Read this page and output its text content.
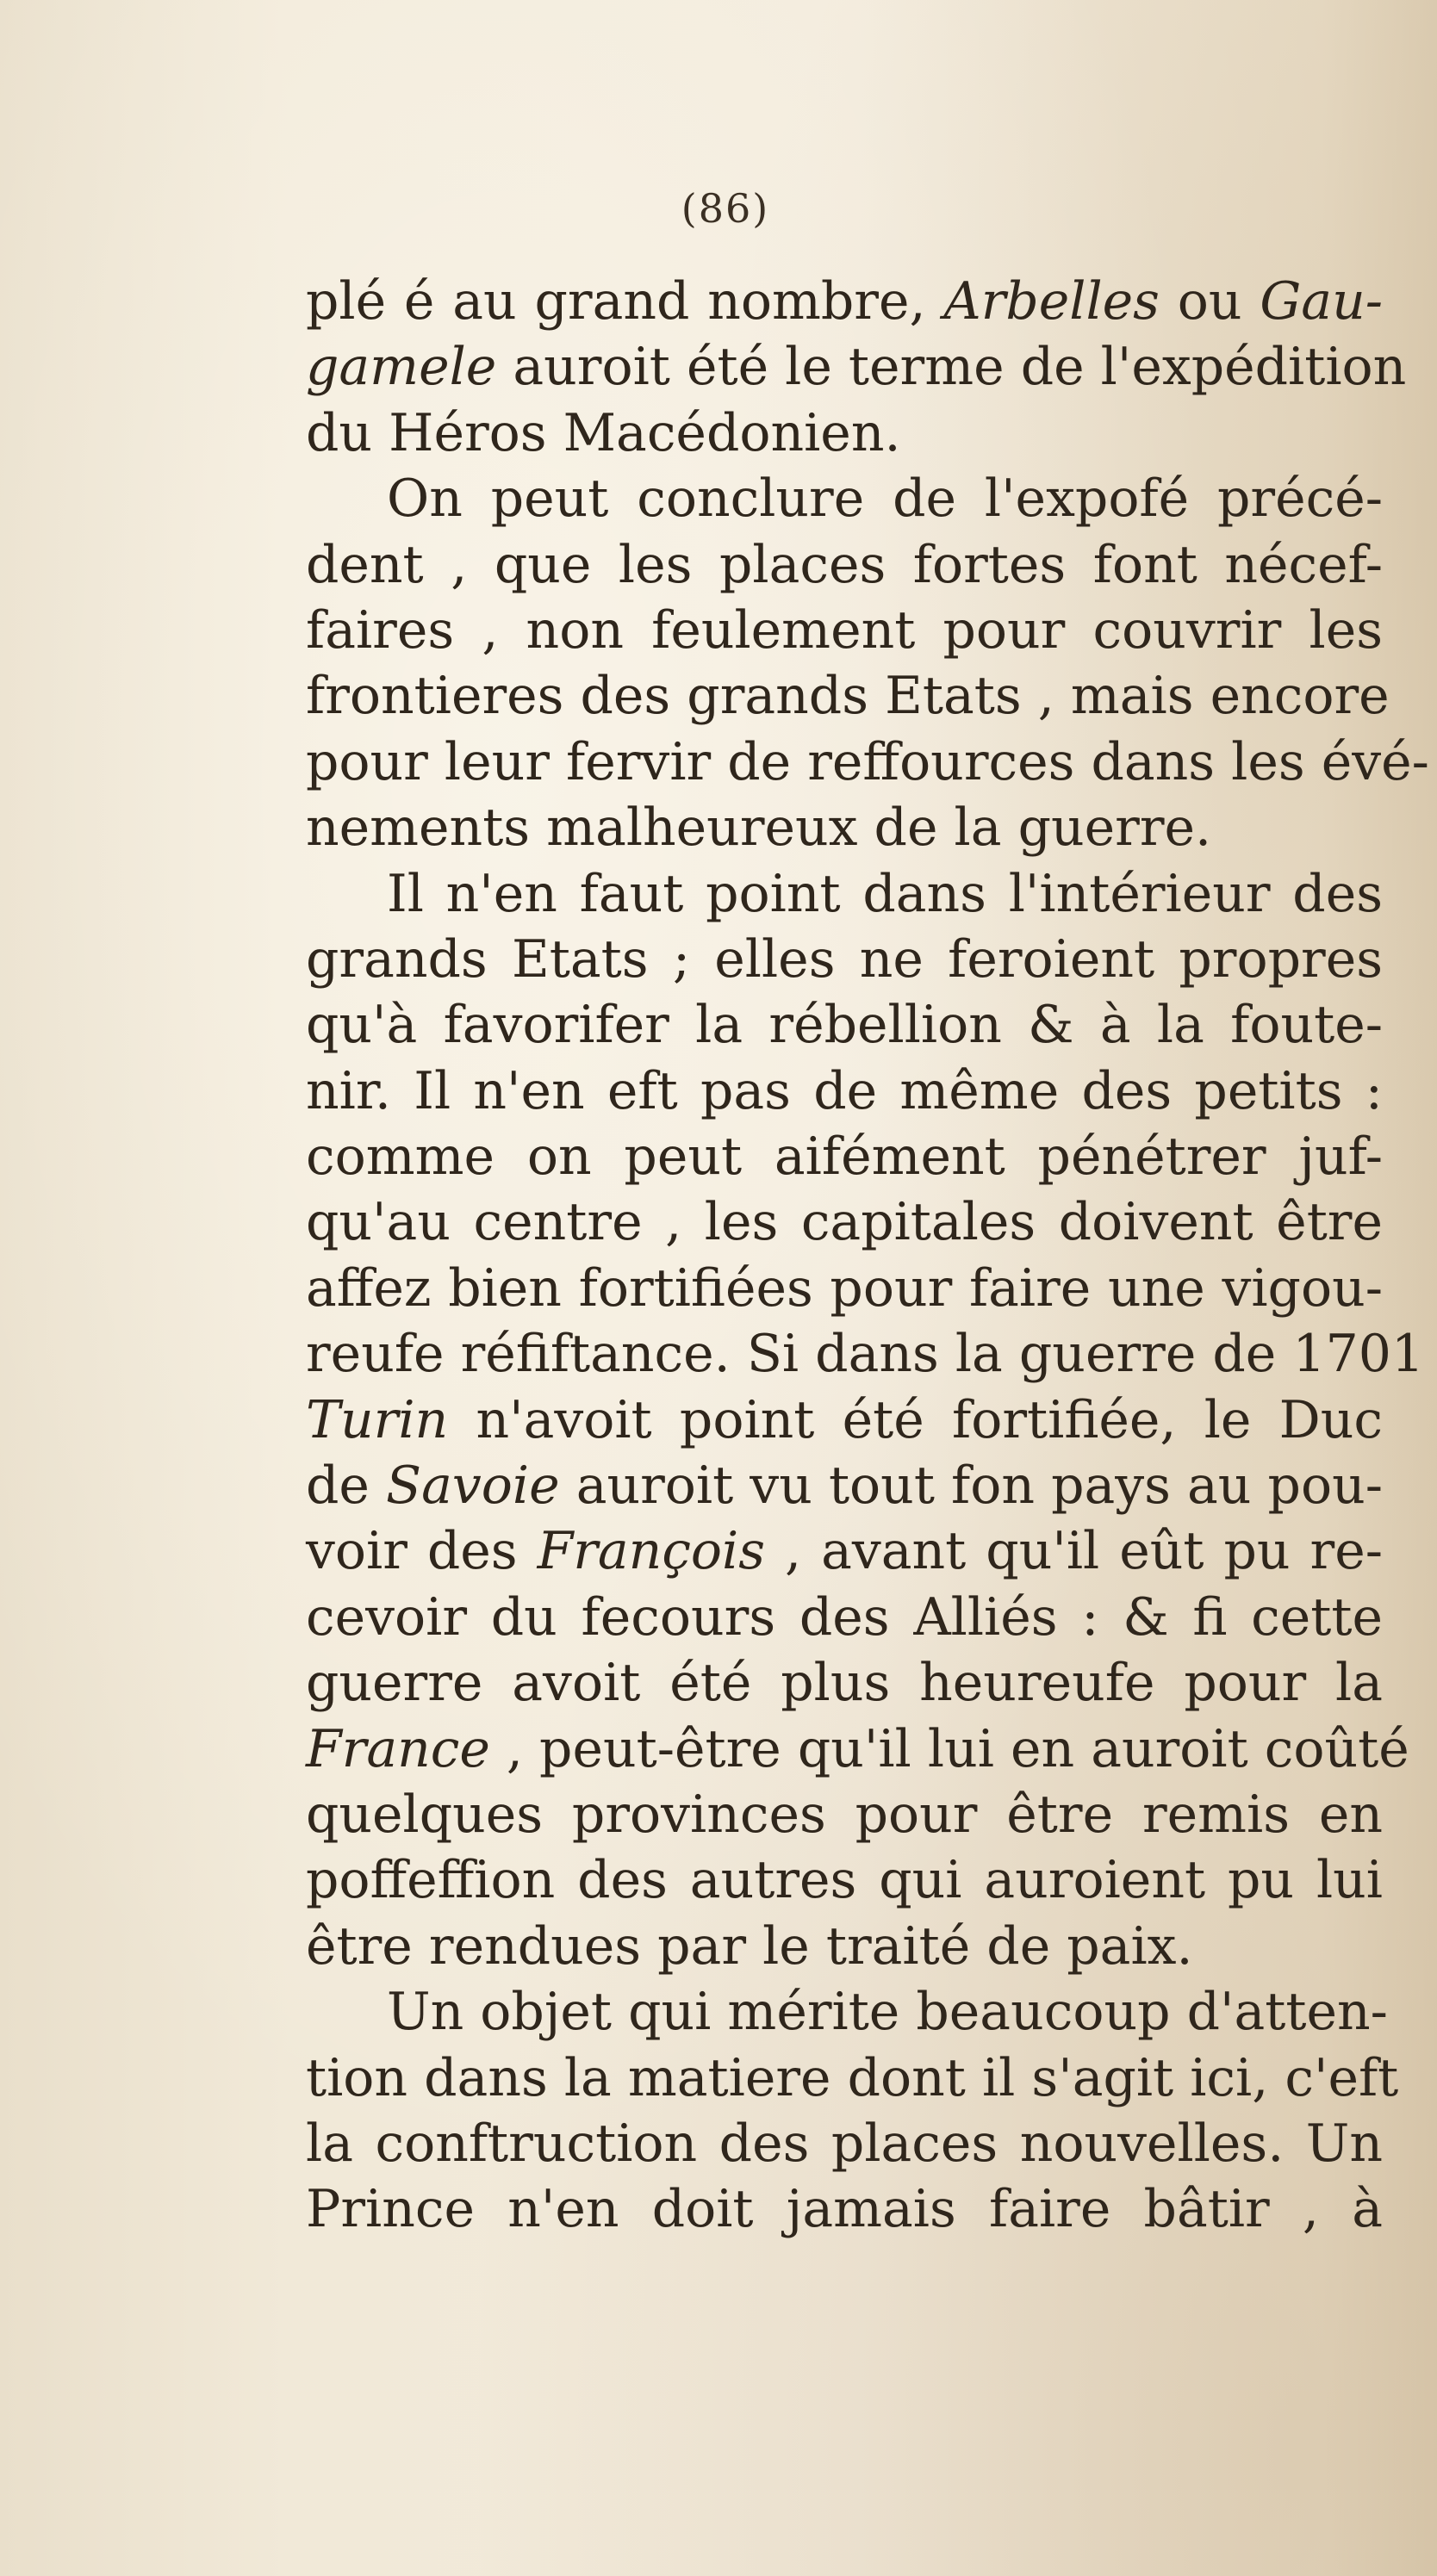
(86)
plé é au grand nombre, Arbelles ou Gau-
gamele auroit été le terme de l'expédition
du Héros Macédonien.
On peut conclure de l'expofé précé-
dent , que les places fortes font nécef-
faires , non feulement pour couvrir les
frontieres des grands Etats , mais encore
pour leur fervir de reffources dans les évé-
nements malheureux de la guerre.
Il n'en faut point dans l'intérieur des
grands Etats ; elles ne feroient propres
qu'à favorifer la rébellion & à la foute-
nir. Il n'en eft pas de même des petits :
comme on peut aifément pénétrer juf-
qu'au centre , les capitales doivent être
affez bien fortifiées pour faire une vigou-
reufe réfiftance. Si dans la guerre de 1701
Turin n'avoit point été fortifiée, le Duc
de Savoie auroit vu tout fon pays au pou-
voir des François , avant qu'il eût pu re-
cevoir du fecours des Alliés : & fi cette
guerre avoit été plus heureufe pour la
France , peut-être qu'il lui en auroit coûté
quelques provinces pour être remis en
poffeffion des autres qui auroient pu lui
être rendues par le traité de paix.
Un objet qui mérite beaucoup d'atten-
tion dans la matiere dont il s'agit ici, c'eft
la conftruction des places nouvelles. Un
Prince n'en doit jamais faire bâtir , à
